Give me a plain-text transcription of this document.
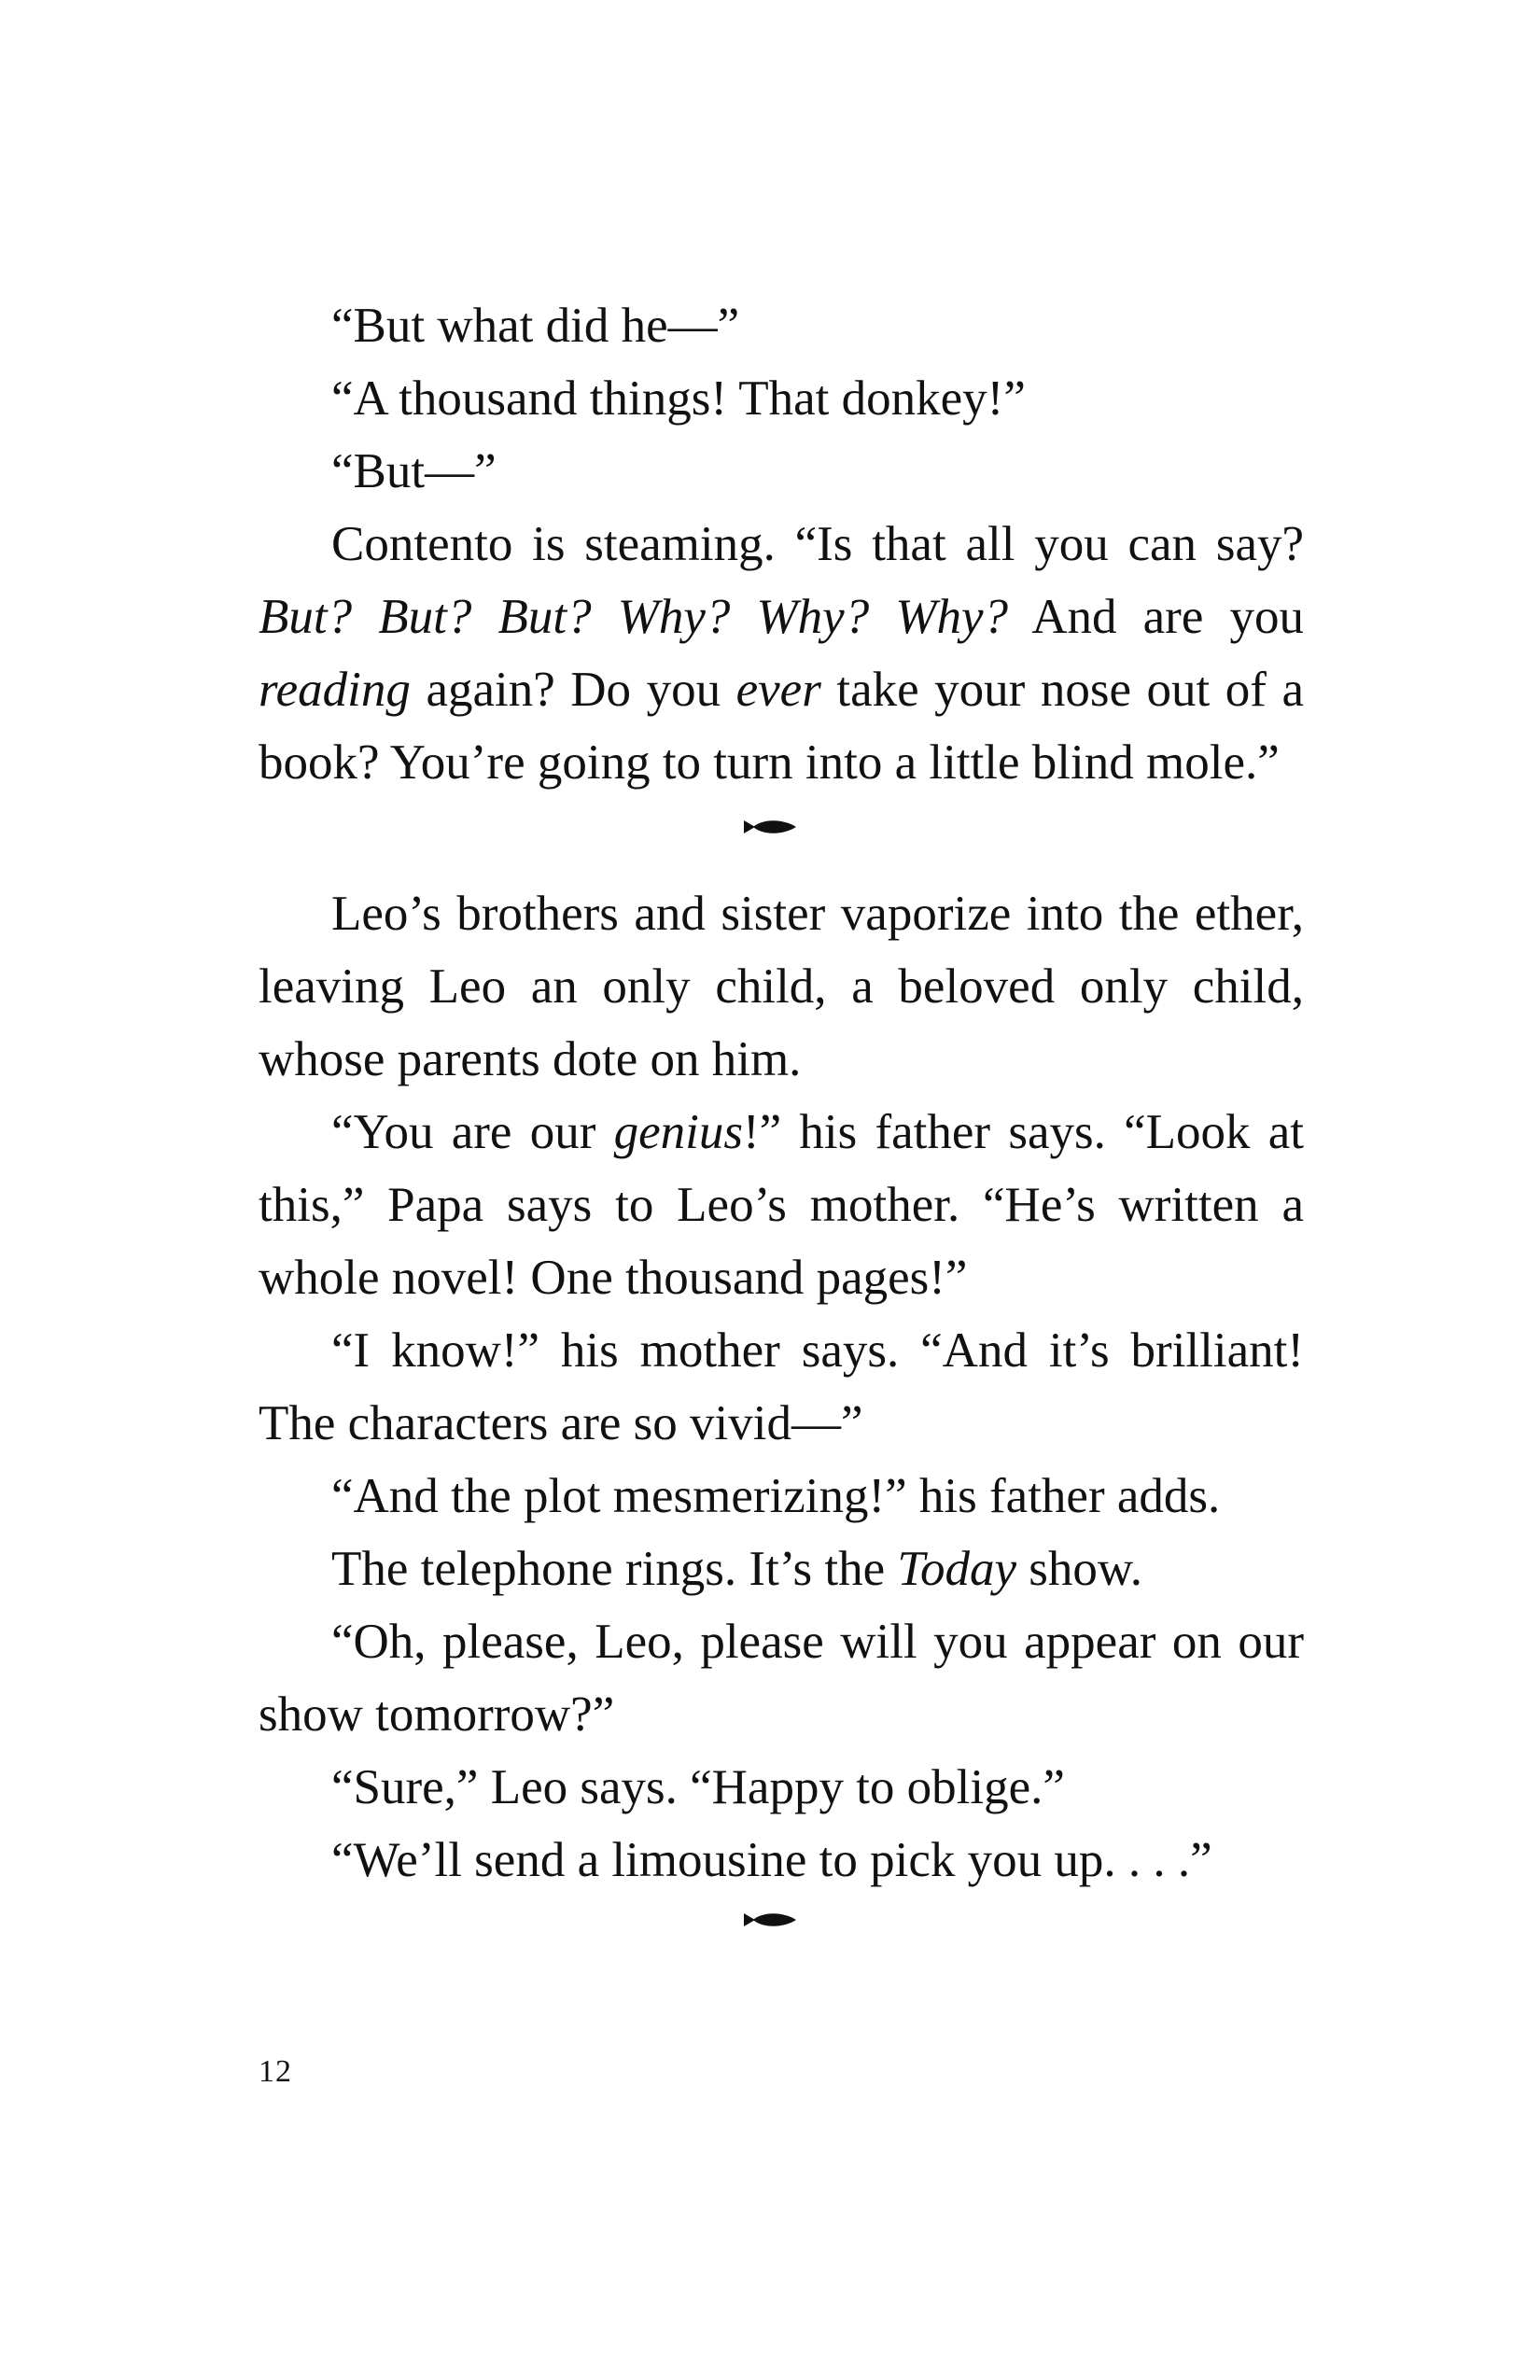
“But what did he—”

“A thousand things! That donkey!”

“But—”

Contento is steaming. “Is that all you can say? But? But? But? Why? Why? Why? And are you reading again? Do you ever take your nose out of a book? You’re going to turn into a little blind mole.”

Leo’s brothers and sister vaporize into the ether, leaving Leo an only child, a beloved only child, whose parents dote on him.

“You are our genius!” his father says. “Look at this,” Papa says to Leo’s mother. “He’s written a whole novel! One thousand pages!”

“I know!” his mother says. “And it’s brilliant! The characters are so vivid—”

“And the plot mesmerizing!” his father adds.

The telephone rings. It’s the Today show.

“Oh, please, Leo, please will you appear on our show tomorrow?”

“Sure,” Leo says. “Happy to oblige.”

“We’ll send a limousine to pick you up. . . .”

12
